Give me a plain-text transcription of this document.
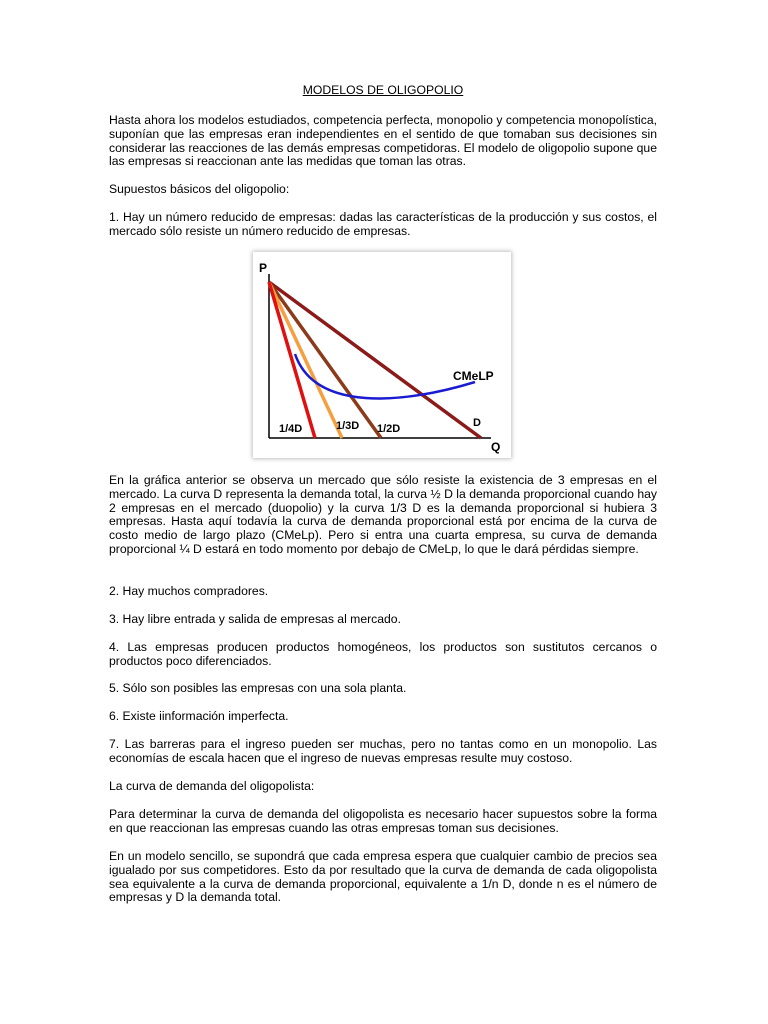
MODELOS DE OLIGOPOLIO

Hasta ahora los modelos estudiados, competencia perfecta, monopolio y competencia monopolística, suponían que las empresas eran independientes en el sentido de que tomaban sus decisiones sin considerar las reacciones de las demás empresas competidoras. El modelo de oligopolio supone que las empresas si reaccionan ante las medidas que toman las otras.

Supuestos básicos del oligopolio:

1. Hay un número reducido de empresas: dadas las características de la producción y sus costos, el mercado sólo resiste un número reducido de empresas.

En la gráfica anterior se observa un mercado que sólo resiste la existencia de 3 empresas en el mercado. La curva D representa la demanda total, la curva ½ D la demanda proporcional cuando hay 2 empresas en el mercado (duopolio) y la curva 1/3 D es la demanda proporcional si hubiera 3 empresas. Hasta aquí todavía la curva de demanda proporcional está por encima de la curva de costo medio de largo plazo (CMeLp). Pero si entra una cuarta empresa, su curva de demanda proporcional ¼ D estará en todo momento por debajo de CMeLp, lo que le dará pérdidas siempre.

2. Hay muchos compradores.

3. Hay libre entrada y salida de empresas al mercado.

4. Las empresas producen productos homogéneos, los productos son sustitutos cercanos o productos poco diferenciados.

5. Sólo son posibles las empresas con una sola planta.

6. Existe iinformación imperfecta.

7. Las barreras para el ingreso pueden ser muchas, pero no tantas como en un monopolio. Las economías de escala hacen que el ingreso de nuevas empresas resulte muy costoso.

La curva de demanda del oligopolista:

Para determinar la curva de demanda del oligopolista es necesario hacer supuestos sobre la forma en que reaccionan las empresas cuando las otras empresas toman sus decisiones.

En un modelo sencillo, se supondrá que cada empresa espera que cualquier cambio de precios sea igualado por sus competidores. Esto da por resultado que la curva de demanda de cada oligopolista sea equivalente a la curva de demanda proporcional, equivalente a 1/n D, donde n es el número de empresas y D la demanda total.

P
Q
CMeLP
D
1/2D
1/3D
1/4D
